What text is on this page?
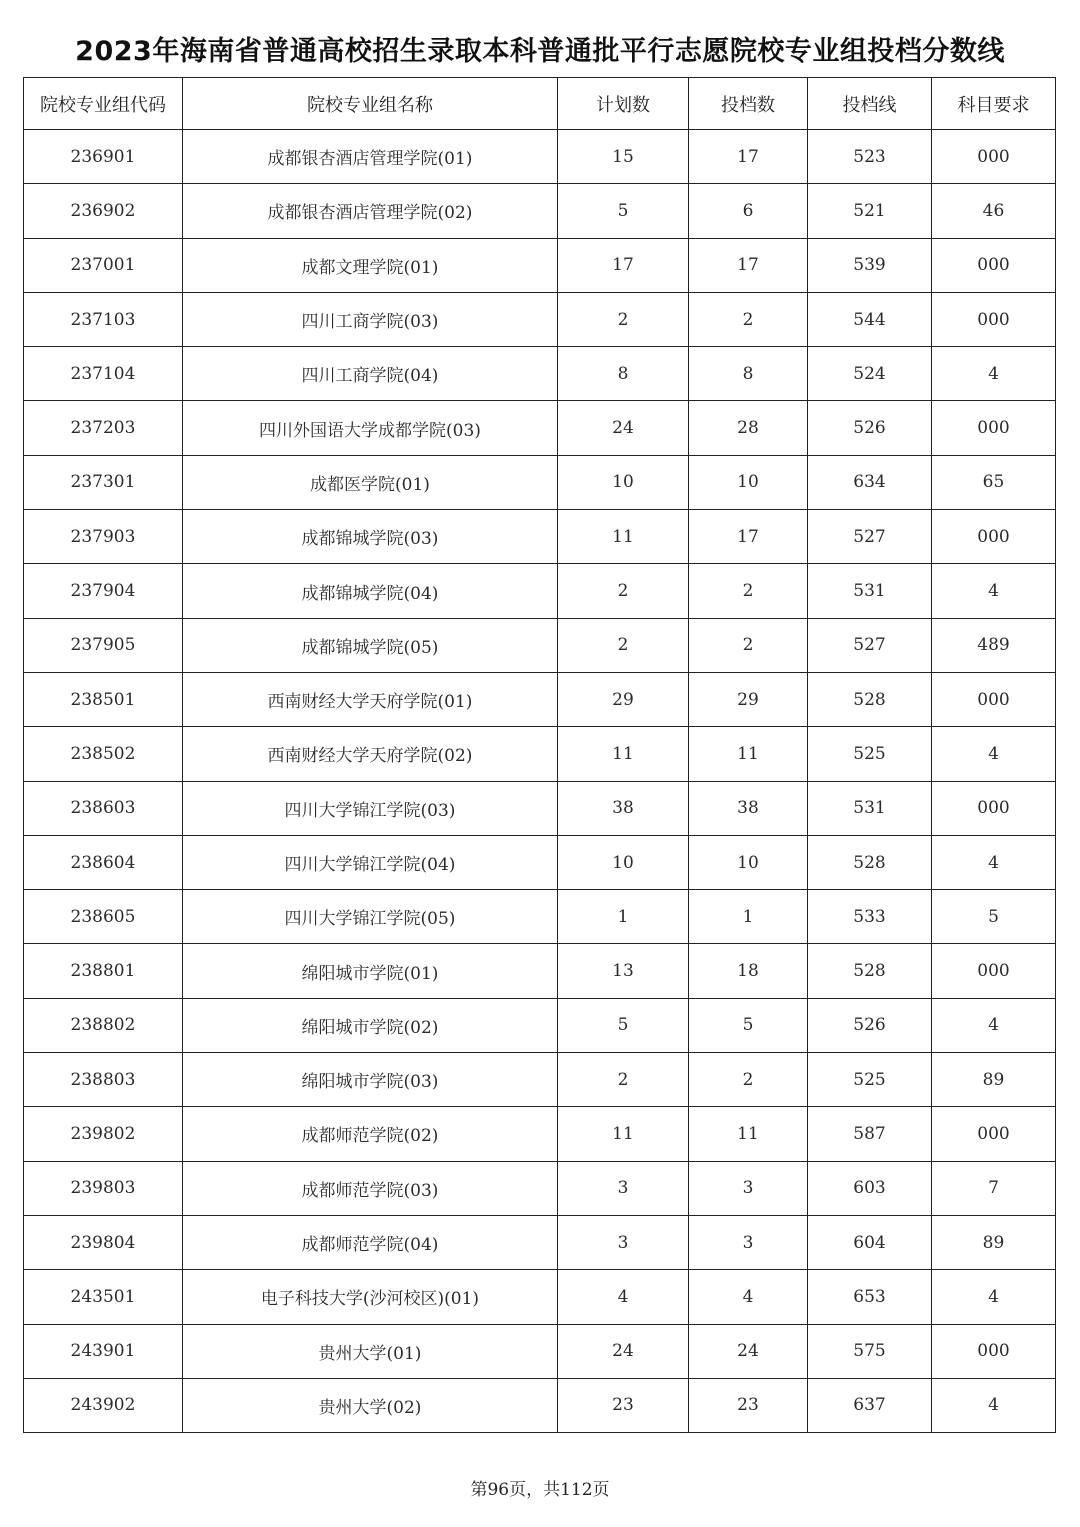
2023年海南省普通高校招生录取本科普通批平行志愿院校专业组投档分数线
院校专业组代码	院校专业组名称	计划数	投档数	投档线	科目要求
236901	成都银杏酒店管理学院(01)	15	17	523	000
236902	成都银杏酒店管理学院(02)	5	6	521	46
237001	成都文理学院(01)	17	17	539	000
237103	四川工商学院(03)	2	2	544	000
237104	四川工商学院(04)	8	8	524	4
237203	四川外国语大学成都学院(03)	24	28	526	000
237301	成都医学院(01)	10	10	634	65
237903	成都锦城学院(03)	11	17	527	000
237904	成都锦城学院(04)	2	2	531	4
237905	成都锦城学院(05)	2	2	527	489
238501	西南财经大学天府学院(01)	29	29	528	000
238502	西南财经大学天府学院(02)	11	11	525	4
238603	四川大学锦江学院(03)	38	38	531	000
238604	四川大学锦江学院(04)	10	10	528	4
238605	四川大学锦江学院(05)	1	1	533	5
238801	绵阳城市学院(01)	13	18	528	000
238802	绵阳城市学院(02)	5	5	526	4
238803	绵阳城市学院(03)	2	2	525	89
239802	成都师范学院(02)	11	11	587	000
239803	成都师范学院(03)	3	3	603	7
239804	成都师范学院(04)	3	3	604	89
243501	电子科技大学(沙河校区)(01)	4	4	653	4
243901	贵州大学(01)	24	24	575	000
243902	贵州大学(02)	23	23	637	4
第96页，共112页
